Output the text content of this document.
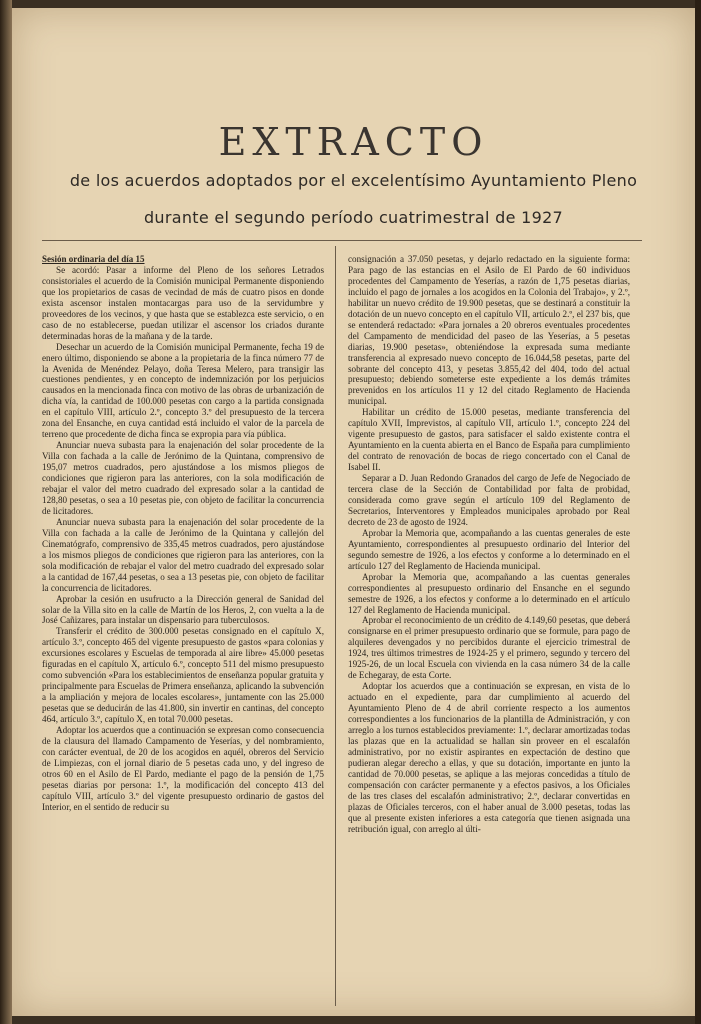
EXTRACTO
de los acuerdos adoptados por el excelentísimo Ayuntamiento Pleno
durante el segundo período cuatrimestral de 1927

Sesión ordinaria del día 15

Se acordó: Pasar a informe del Pleno de los señores Letrados consistoriales el acuerdo de la Comisión municipal Permanente disponiendo que los propietarios de casas de vecindad de más de cuatro pisos en donde exista ascensor instalen montacargas para uso de la servidumbre y proveedores de los vecinos, y que hasta que se establezca este servicio, o en caso de no establecerse, puedan utilizar el ascensor los criados durante determinadas horas de la mañana y de la tarde.

Desechar un acuerdo de la Comisión municipal Permanente, fecha 19 de enero último, disponiendo se abone a la propietaria de la finca número 77 de la Avenida de Menéndez Pelayo, doña Teresa Melero, para transigir las cuestiones pendientes, y en concepto de indemnización por los perjuicios causados en la mencionada finca con motivo de las obras de urbanización de dicha vía, la cantidad de 100.000 pesetas con cargo a la partida consignada en el capítulo VIII, artículo 2.º, concepto 3.º del presupuesto de la tercera zona del Ensanche, en cuya cantidad está incluido el valor de la parcela de terreno que procedente de dicha finca se expropia para vía pública.

Anunciar nueva subasta para la enajenación del solar procedente de la Villa con fachada a la calle de Jerónimo de la Quintana, comprensivo de 195,07 metros cuadrados, pero ajustándose a los mismos pliegos de condiciones que rigieron para las anteriores, con la sola modificación de rebajar el valor del metro cuadrado del expresado solar a la cantidad de 128,80 pesetas, o sea a 10 pesetas pie, con objeto de facilitar la concurrencia de licitadores.

Anunciar nueva subasta para la enajenación del solar procedente de la Villa con fachada a la calle de Jerónimo de la Quintana y callejón del Cinematógrafo, comprensivo de 335,45 metros cuadrados, pero ajustándose a los mismos pliegos de condiciones que rigieron para las anteriores, con la sola modificación de rebajar el valor del metro cuadrado del expresado solar a la cantidad de 167,44 pesetas, o sea a 13 pesetas pie, con objeto de facilitar la concurrencia de licitadores.

Aprobar la cesión en usufructo a la Dirección general de Sanidad del solar de la Villa sito en la calle de Martín de los Heros, 2, con vuelta a la de José Cañizares, para instalar un dispensario para tuberculosos.

Transferir el crédito de 300.000 pesetas consignado en el capítulo X, artículo 3.º, concepto 465 del vigente presupuesto de gastos «para colonias y excursiones escolares y Escuelas de temporada al aire libre» 45.000 pesetas figuradas en el capítulo X, artículo 6.º, concepto 511 del mismo presupuesto como subvención «Para los establecimientos de enseñanza popular gratuita y principalmente para Escuelas de Primera enseñanza, aplicando la subvención a la ampliación y mejora de locales escolares», juntamente con las 25.000 pesetas que se deducirán de las 41.800, sin invertir en cantinas, del concepto 464, artículo 3.º, capítulo X, en total 70.000 pesetas.

Adoptar los acuerdos que a continuación se expresan como consecuencia de la clausura del llamado Campamento de Yeserías, y del nombramiento, con carácter eventual, de 20 de los acogidos en aquél, obreros del Servicio de Limpiezas, con el jornal diario de 5 pesetas cada uno, y del ingreso de otros 60 en el Asilo de El Pardo, mediante el pago de la pensión de 1,75 pesetas diarias por persona: 1.º, la modificación del concepto 413 del capítulo VIII, artículo 3.º del vigente presupuesto ordinario de gastos del Interior, en el sentido de reducir su

consignación a 37.050 pesetas, y dejarlo redactado en la siguiente forma: Para pago de las estancias en el Asilo de El Pardo de 60 individuos procedentes del Campamento de Yeserías, a razón de 1,75 pesetas diarias, incluido el pago de jornales a los acogidos en la Colonia del Trabajo», y 2.º, habilitar un nuevo crédito de 19.900 pesetas, que se destinará a constituir la dotación de un nuevo concepto en el capítulo VII, artículo 2.º, el 237 bis, que se entenderá redactado: «Para jornales a 20 obreros eventuales procedentes del Campamento de mendicidad del paseo de las Yeserías, a 5 pesetas diarias, 19.900 pesetas», obteniéndose la expresada suma mediante transferencia al expresado nuevo concepto de 16.044,58 pesetas, parte del sobrante del concepto 413, y pesetas 3.855,42 del 404, todo del actual presupuesto; debiendo someterse este expediente a los demás trámites prevenidos en los artículos 11 y 12 del citado Reglamento de Hacienda municipal.

Habilitar un crédito de 15.000 pesetas, mediante transferencia del capítulo XVII, Imprevistos, al capítulo VII, artículo 1.º, concepto 224 del vigente presupuesto de gastos, para satisfacer el saldo existente contra el Ayuntamiento en la cuenta abierta en el Banco de España para cumplimiento del contrato de renovación de bocas de riego concertado con el Canal de Isabel II.

Separar a D. Juan Redondo Granados del cargo de Jefe de Negociado de tercera clase de la Sección de Contabilidad por falta de probidad, considerada como grave según el artículo 109 del Reglamento de Secretarios, Interventores y Empleados municipales aprobado por Real decreto de 23 de agosto de 1924.

Aprobar la Memoria que, acompañando a las cuentas generales de este Ayuntamiento, correspondientes al presupuesto ordinario del Interior del segundo semestre de 1926, a los efectos y conforme a lo determinado en el artículo 127 del Reglamento de Hacienda municipal.

Aprobar la Memoria que, acompañando a las cuentas generales correspondientes al presupuesto ordinario del Ensanche en el segundo semestre de 1926, a los efectos y conforme a lo determinado en el artículo 127 del Reglamento de Hacienda municipal.

Aprobar el reconocimiento de un crédito de 4.149,60 pesetas, que deberá consignarse en el primer presupuesto ordinario que se formule, para pago de alquileres devengados y no percibidos durante el ejercicio trimestral de 1924, tres últimos trimestres de 1924-25 y el primero, segundo y tercero del 1925-26, de un local Escuela con vivienda en la casa número 34 de la calle de Echegaray, de esta Corte.

Adoptar los acuerdos que a continuación se expresan, en vista de lo actuado en el expediente, para dar cumplimiento al acuerdo del Ayuntamiento Pleno de 4 de abril corriente respecto a los aumentos correspondientes a los funcionarios de la plantilla de Administración, y con arreglo a los turnos establecidos previamente: 1.º, declarar amortizadas todas las plazas que en la actualidad se hallan sin proveer en el escalafón administrativo, por no existir aspirantes en expectación de destino que pudieran alegar derecho a ellas, y que su dotación, importante en junto la cantidad de 70.000 pesetas, se aplique a las mejoras concedidas a título de compensación con carácter permanente y a efectos pasivos, a los Oficiales de las tres clases del escalafón administrativo; 2.º, declarar convertidas en plazas de Oficiales terceros, con el haber anual de 3.000 pesetas, todas las que al presente existen inferiores a esta categoría que tienen asignada una retribución igual, con arreglo al últi-
